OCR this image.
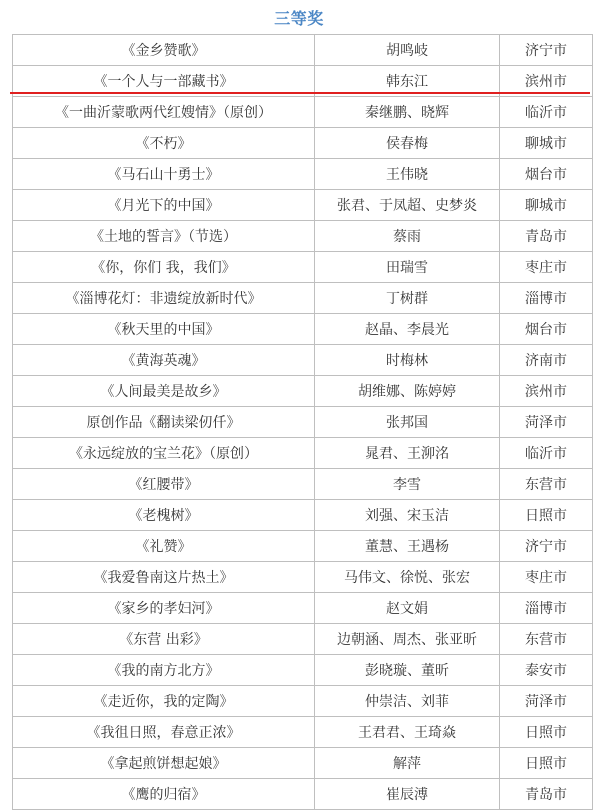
三等奖
《金乡赞歌》	胡鸣岐	济宁市
《一个人与一部藏书》	韩东江	滨州市
《一曲沂蒙歌两代红嫂情》（原创）	秦继鹏、晓辉	临沂市
《不朽》	侯春梅	聊城市
《马石山十勇士》	王伟晓	烟台市
《月光下的中国》	张君、于凤超、史梦炎	聊城市
《土地的誓言》（节选）	蔡雨	青岛市
《你，你们 我，我们》	田瑞雪	枣庄市
《淄博花灯：非遗绽放新时代》	丁树群	淄博市
《秋天里的中国》	赵晶、李晨光	烟台市
《黄海英魂》	时梅林	济南市
《人间最美是故乡》	胡维娜、陈婷婷	滨州市
原创作品《翻读梁仞仟》	张邦国	菏泽市
《永远绽放的宝兰花》（原创）	晁君、王泖洺	临沂市
《红腰带》	李雪	东营市
《老槐树》	刘强、宋玉洁	日照市
《礼赞》	董慧、王遇杨	济宁市
《我爱鲁南这片热土》	马伟文、徐悦、张宏	枣庄市
《家乡的孝妇河》	赵文娟	淄博市
《东营 出彩》	边朝涵、周杰、张亚昕	东营市
《我的南方北方》	彭晓璇、董昕	泰安市
《走近你，我的定陶》	仲崇洁、刘菲	菏泽市
《我徂日照，春意正浓》	王君君、王琦焱	日照市
《拿起煎饼想起娘》	解萍	日照市
《鹰的归宿》	崔辰溥	青岛市
